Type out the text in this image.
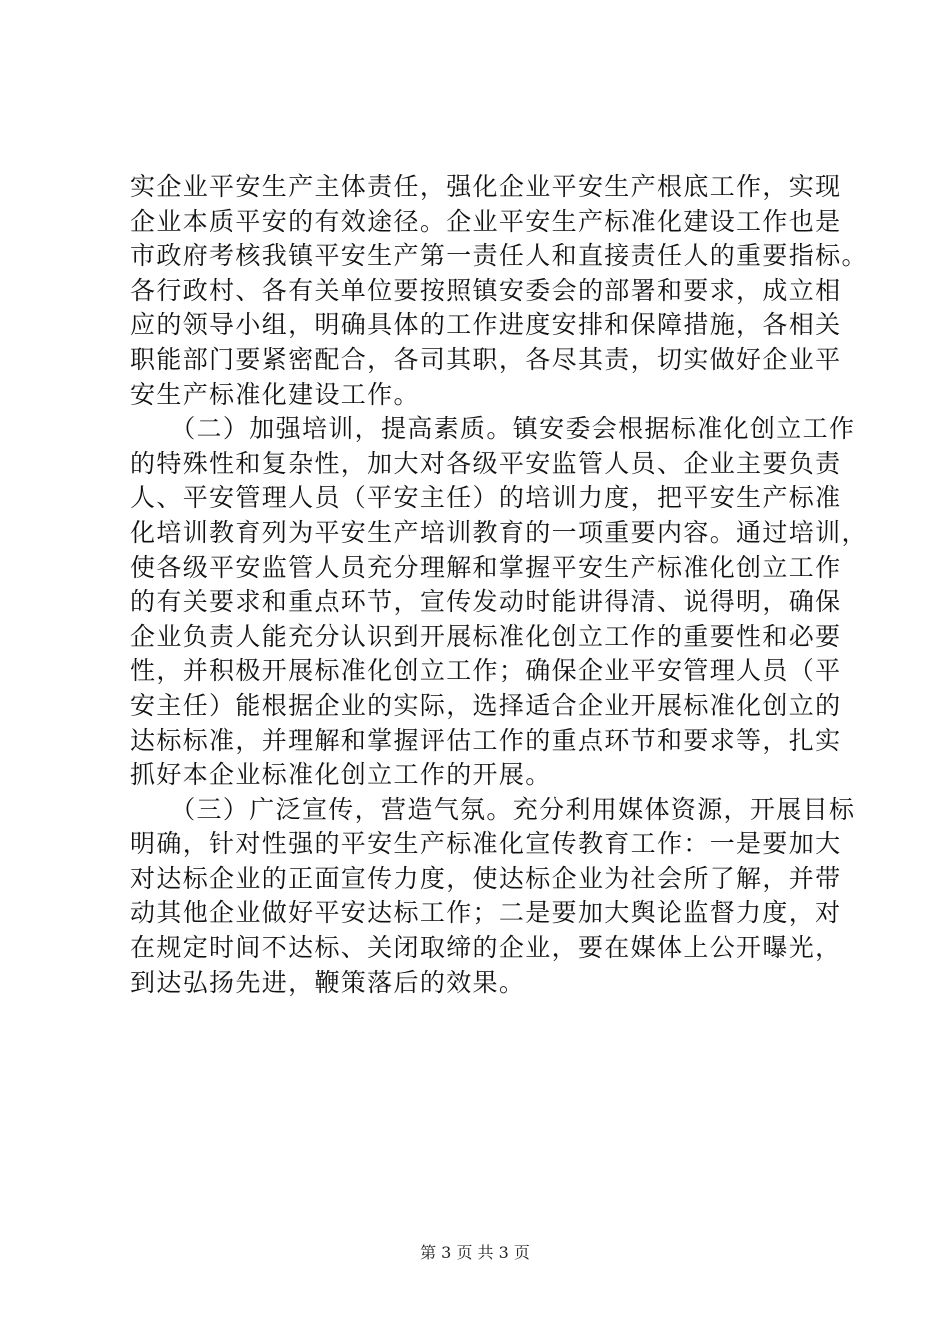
实企业平安生产主体责任，强化企业平安生产根底工作，实现
企业本质平安的有效途径。企业平安生产标准化建设工作也是
市政府考核我镇平安生产第一责任人和直接责任人的重要指标。
各行政村、各有关单位要按照镇安委会的部署和要求，成立相
应的领导小组，明确具体的工作进度安排和保障措施，各相关
职能部门要紧密配合，各司其职，各尽其责，切实做好企业平
安生产标准化建设工作。
　　（二）加强培训，提高素质。镇安委会根据标准化创立工作
的特殊性和复杂性，加大对各级平安监管人员、企业主要负责
人、平安管理人员（平安主任）的培训力度，把平安生产标准
化培训教育列为平安生产培训教育的一项重要内容。通过培训，
使各级平安监管人员充分理解和掌握平安生产标准化创立工作
的有关要求和重点环节，宣传发动时能讲得清、说得明，确保
企业负责人能充分认识到开展标准化创立工作的重要性和必要
性，并积极开展标准化创立工作；确保企业平安管理人员（平
安主任）能根据企业的实际，选择适合企业开展标准化创立的
达标标准，并理解和掌握评估工作的重点环节和要求等，扎实
抓好本企业标准化创立工作的开展。
　　（三）广泛宣传，营造气氛。充分利用媒体资源，开展目标
明确，针对性强的平安生产标准化宣传教育工作：一是要加大
对达标企业的正面宣传力度，使达标企业为社会所了解，并带
动其他企业做好平安达标工作；二是要加大舆论监督力度，对
在规定时间不达标、关闭取缔的企业，要在媒体上公开曝光，
到达弘扬先进，鞭策落后的效果。
第 3 页 共 3 页
